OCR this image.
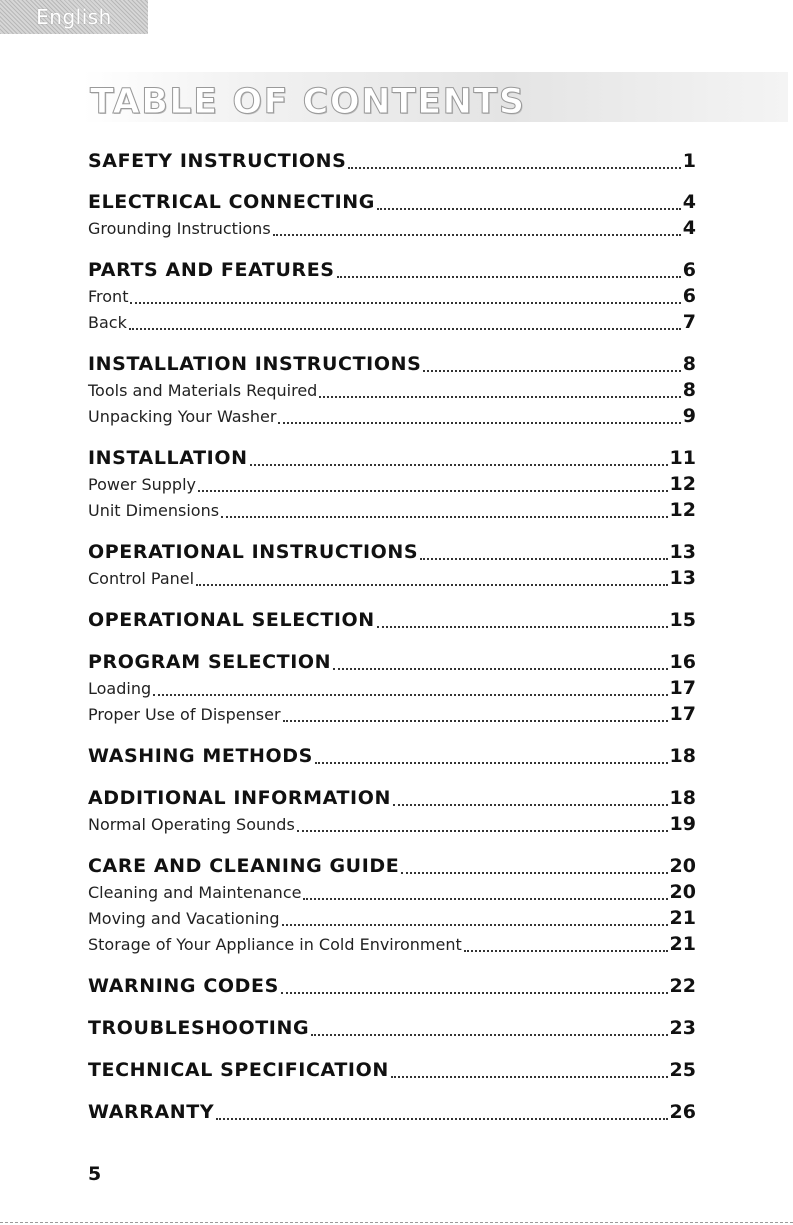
English
TABLE OF CONTENTS
SAFETY INSTRUCTIONS	1
ELECTRICAL CONNECTING	4
Grounding Instructions	4
PARTS AND FEATURES	6
Front	6
Back	7
INSTALLATION INSTRUCTIONS	8
Tools and Materials Required	8
Unpacking Your Washer	9
INSTALLATION	11
Power Supply	12
Unit Dimensions	12
OPERATIONAL INSTRUCTIONS	13
Control Panel	13
OPERATIONAL SELECTION	15
PROGRAM SELECTION	16
Loading	17
Proper Use of Dispenser	17
WASHING METHODS	18
ADDITIONAL INFORMATION	18
Normal Operating Sounds	19
CARE AND CLEANING GUIDE	20
Cleaning and Maintenance	20
Moving and Vacationing	21
Storage of Your Appliance in Cold Environment	21
WARNING CODES	22
TROUBLESHOOTING	23
TECHNICAL SPECIFICATION	25
WARRANTY	26
5
